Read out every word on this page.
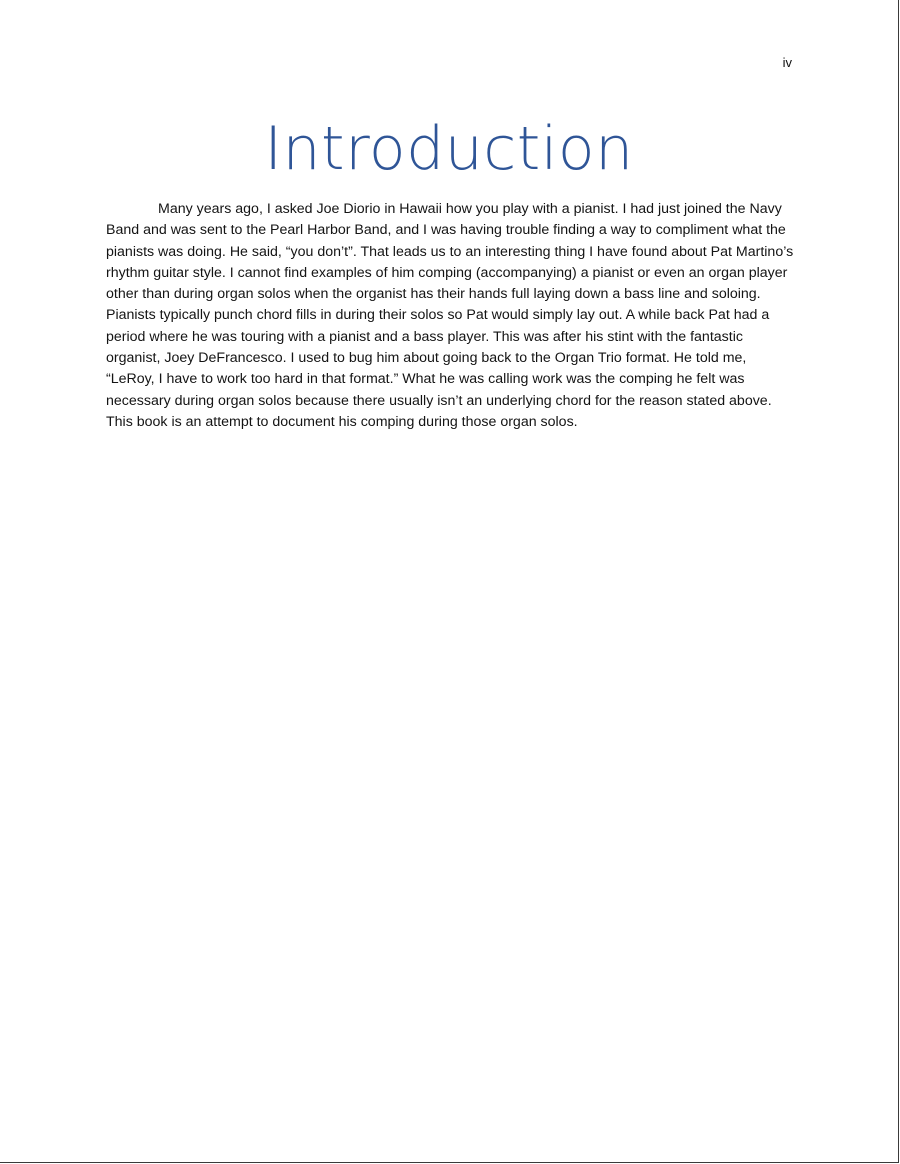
iv
Introduction

Many years ago, I asked Joe Diorio in Hawaii how you play with a pianist. I had just joined the Navy Band and was sent to the Pearl Harbor Band, and I was having trouble finding a way to compliment what the pianists was doing. He said, “you don’t”. That leads us to an interesting thing I have found about Pat Martino’s rhythm guitar style. I cannot find examples of him comping (accompanying) a pianist or even an organ player other than during organ solos when the organist has their hands full laying down a bass line and soloing. Pianists typically punch chord fills in during their solos so Pat would simply lay out. A while back Pat had a period where he was touring with a pianist and a bass player. This was after his stint with the fantastic organist, Joey DeFrancesco. I used to bug him about going back to the Organ Trio format. He told me, “LeRoy, I have to work too hard in that format.” What he was calling work was the comping he felt was necessary during organ solos because there usually isn’t an underlying chord for the reason stated above. This book is an attempt to document his comping during those organ solos.
